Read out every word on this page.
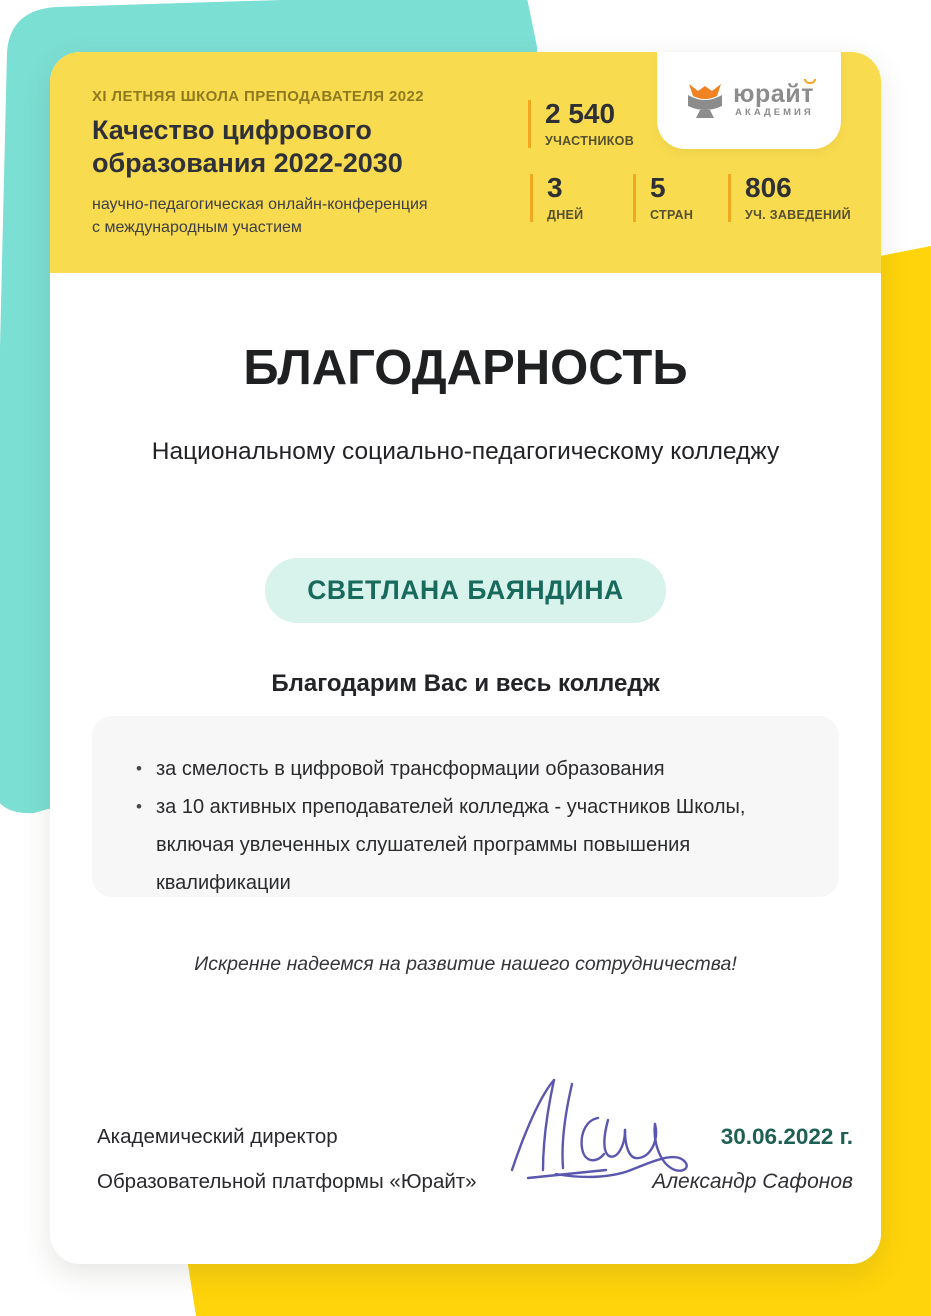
XI ЛЕТНЯЯ ШКОЛА ПРЕПОДАВАТЕЛЯ 2022
Качество цифрового
образования 2022-2030
научно-педагогическая онлайн-конференция
с международным участием
2 540
УЧАСТНИКОВ
3
ДНЕЙ
5
СТРАН
806
УЧ. ЗАВЕДЕНИЙ
юрайт
АКАДЕМИЯ
БЛАГОДАРНОСТЬ
Национальному социально-педагогическому колледжу
СВЕТЛАНА БАЯНДИНА
Благодарим Вас и весь колледж
• за смелость в цифровой трансформации образования
• за 10 активных преподавателей колледжа - участников Школы, включая увлеченных слушателей программы повышения квалификации
Искренне надеемся на развитие нашего сотрудничества!
Академический директор
Образовательной платформы «Юрайт»
30.06.2022 г.
Александр Сафонов
